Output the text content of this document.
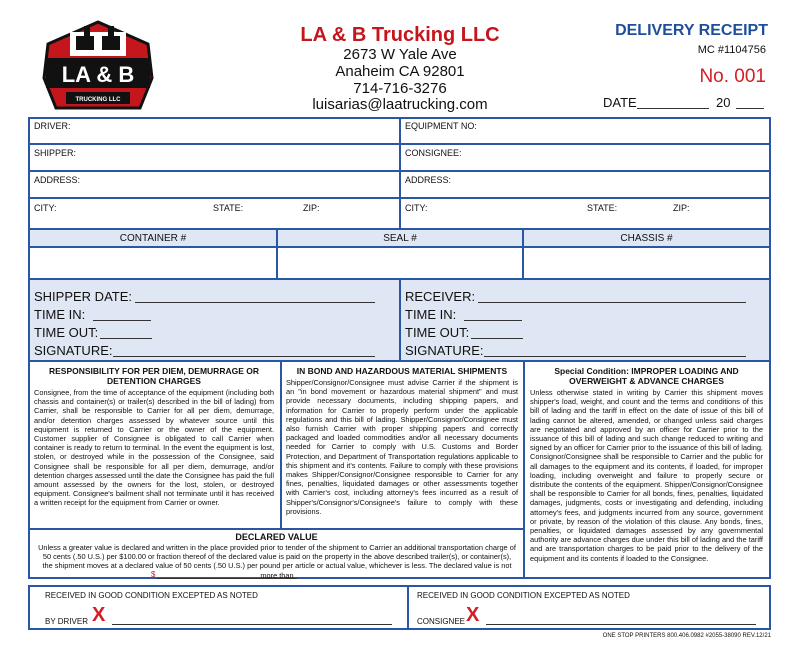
LA & B
TRUCKING LLC
LA & B Trucking LLC
2673 W Yale Ave
Anaheim CA 92801
714-716-3276
luisarias@laatrucking.com
DELIVERY RECEIPT
MC #1104756
No. 001
DATE	20
DRIVER:	EQUIPMENT NO:
SHIPPER:	CONSIGNEE:
ADDRESS:	ADDRESS:
CITY:	STATE:	ZIP:	CITY:	STATE:	ZIP:
CONTAINER #	SEAL #	CHASSIS #
SHIPPER DATE:
TIME IN:
TIME OUT:
SIGNATURE:
RECEIVER:
TIME IN:
TIME OUT:
SIGNATURE:
RESPONSIBILITY FOR PER DIEM, DEMURRAGE OR DETENTION CHARGES
Consignee, from the time of acceptance of the equipment (including both chassis and container(s) or trailer(s) described in the bill of lading) from Carrier, shall be responsible to Carrier for all per diem, demurrage, and/or detention charges assessed by whatever source until this equipment is returned to Carrier or the owner of the equipment. Customer supplier of Consignee is obligated to call Carrier when container is ready to return to terminal. In the event the equipment is lost, stolen, or destroyed while in the possession of the Consignee, said Consignee shall be responsible for all per diem, demurrage, and/or detention charges assessed until the date the Consignee has paid the full amount assessed by the owners for the lost, stolen, or destroyed equipment. Consignee's bailment shall not terminate until it has received a written receipt for the equipment from Carrier or owner.
IN BOND AND HAZARDOUS MATERIAL SHIPMENTS
Shipper/Consignor/Consignee must advise Carrier if the shipment is an "in bond movement or hazardous material shipment" and must provide necessary documents, including shipping papers, and information for Carrier to properly perform under the applicable regulations and this bill of lading. Shipper/Consignor/Consignee must also furnish Carrier with proper shipping papers and correctly packaged and loaded commodities and/or all necessary documents needed for Carrier to comply with U.S. Customs and Border Protection, and Department of Transportation regulations applicable to this shipment and it's contents. Failure to comply with these provisions makes Shipper/Consignor/Consignee responsible to Carrier for any fines, penalties, liquidated damages or other assessments together with Carrier's cost, including attorney's fees incurred as a result of Shipper's/Consignor's/Consignee's failure to comply with these provisions.
Special Condition: IMPROPER LOADING AND OVERWEIGHT & ADVANCE CHARGES
Unless otherwise stated in writing by Carrier this shipment moves shipper's load, weight, and count and the terms and conditions of this bill of lading and the tariff in effect on the date of issue of this bill of lading cannot be altered, amended, or changed unless said charges are negotiated and approved by an officer for Carrier prior to the issuance of this bill of lading and such change reduced to writing and signed by an officer for Carrier prior to the issuance of this bill of lading. Consignor/Consignee shall be responsible to Carrier and the public for all damages to the equipment and its contents, if loaded, for improper loading, including overweight and failure to properly secure or distribute the contents of the equipment. Shipper/Consignor/Consignee shall be responsible to Carrier for all bonds, fines, penalties, liquidated damages, judgments, costs or investigating and defending, including attorney's fees, and judgments incurred from any source, government or private, by reason of the violation of this clause. Any bonds, fines, penalties, or liquidated damages assessed by any governmental authority are advance charges due under this bill of lading and the tariff and are transportation charges to be paid prior to the delivery of the equipment and its contents if loaded to the Consignee.
DECLARED VALUE
Unless a greater value is declared and written in the place provided prior to tender of the shipment to Carrier an additional transportation charge of 50 cents (.50 U.S.) per $100.00 or fraction thereof of the declared value is paid on the property in the above described trailer(s), or container(s), the shipment moves at a declared value of 50 cents (.50 U.S.) per pound per article or actual value, whichever is less. The declared value is not more than
$
RECEIVED IN GOOD CONDITION EXCEPTED AS NOTED	RECEIVED IN GOOD CONDITION EXCEPTED AS NOTED
BY DRIVER X	CONSIGNEE X
ONE STOP PRINTERS 800.406.0982 #2055-38090 REV.12/21
